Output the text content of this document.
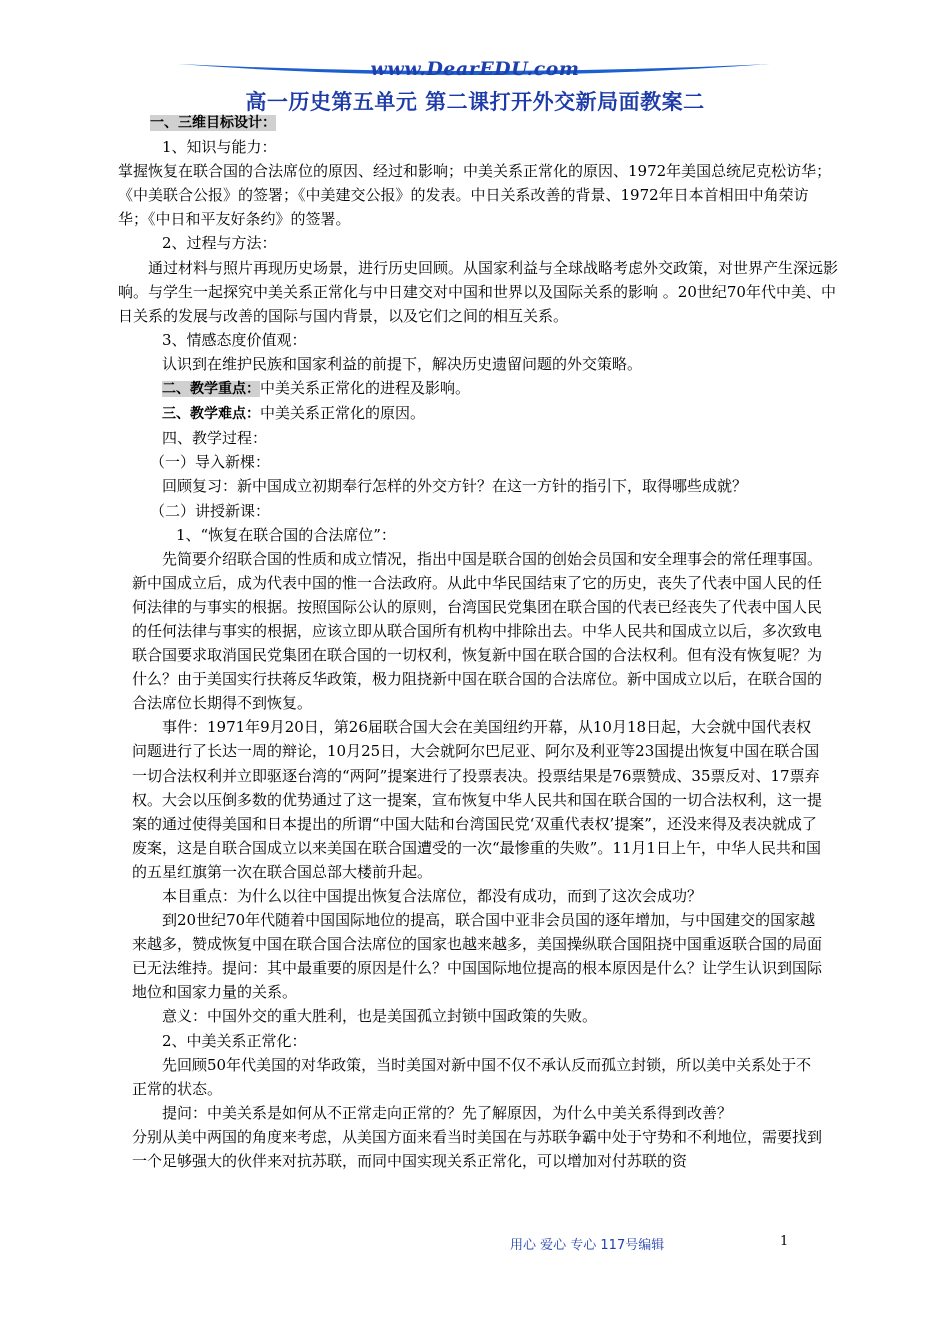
www.DearEDU.com
高一历史第五单元 第二课打开外交新局面教案二

一、三维目标设计：

1、知识与能力：

掌握恢复在联合国的合法席位的原因、经过和影响；中美关系正常化的原因、1972年美国总统尼克松访华；《中美联合公报》的签署；《中美建交公报》的发表。中日关系改善的背景、1972年日本首相田中角荣访华；《中日和平友好条约》的签署。

2、过程与方法：

通过材料与照片再现历史场景，进行历史回顾。从国家利益与全球战略考虑外交政策，对世界产生深远影响。与学生一起探究中美关系正常化与中日建交对中国和世界以及国际关系的影响 。20世纪70年代中美、中日关系的发展与改善的国际与国内背景，以及它们之间的相互关系。

3、情感态度价值观：

认识到在维护民族和国家利益的前提下，解决历史遗留问题的外交策略。

二、教学重点：中美关系正常化的进程及影响。

三、教学难点：中美关系正常化的原因。

四、教学过程：

（一）导入新棵：

回顾复习：新中国成立初期奉行怎样的外交方针？在这一方针的指引下，取得哪些成就？

（二）讲授新课：

1、“恢复在联合国的合法席位”：

先简要介绍联合国的性质和成立情况，指出中国是联合国的创始会员国和安全理事会的常任理事国。新中国成立后，成为代表中国的惟一合法政府。从此中华民国结束了它的历史，丧失了代表中国人民的任何法律的与事实的根据。按照国际公认的原则，台湾国民党集团在联合国的代表已经丧失了代表中国人民的任何法律与事实的根据，应该立即从联合国所有机构中排除出去。中华人民共和国成立以后，多次致电联合国要求取消国民党集团在联合国的一切权利，恢复新中国在联合国的合法权利。但有没有恢复呢？为什么？由于美国实行扶蒋反华政策，极力阻挠新中国在联合国的合法席位。新中国成立以后，在联合国的合法席位长期得不到恢复。

事件：1971年9月20日，第26届联合国大会在美国纽约开幕，从10月18日起，大会就中国代表权问题进行了长达一周的辩论，10月25日，大会就阿尔巴尼亚、阿尔及利亚等23国提出恢复中国在联合国一切合法权利并立即驱逐台湾的“两阿”提案进行了投票表决。投票结果是76票赞成、35票反对、17票弃权。大会以压倒多数的优势通过了这一提案，宣布恢复中华人民共和国在联合国的一切合法权利，这一提案的通过使得美国和日本提出的所谓“中国大陆和台湾国民党‘双重代表权’提案”，还没来得及表决就成了废案，这是自联合国成立以来美国在联合国遭受的一次“最惨重的失败”。11月1日上午，中华人民共和国的五星红旗第一次在联合国总部大楼前升起。

本目重点：为什么以往中国提出恢复合法席位，都没有成功，而到了这次会成功？

到20世纪70年代随着中国国际地位的提高，联合国中亚非会员国的逐年增加，与中国建交的国家越来越多，赞成恢复中国在联合国合法席位的国家也越来越多，美国操纵联合国阻挠中国重返联合国的局面已无法维持。提问：其中最重要的原因是什么？中国国际地位提高的根本原因是什么？让学生认识到国际地位和国家力量的关系。

意义：中国外交的重大胜利，也是美国孤立封锁中国政策的失败。

2、中美关系正常化：

先回顾50年代美国的对华政策，当时美国对新中国不仅不承认反而孤立封锁，所以美中关系处于不正常的状态。

提问：中美关系是如何从不正常走向正常的？先了解原因，为什么中美关系得到改善？

分别从美中两国的角度来考虑，从美国方面来看当时美国在与苏联争霸中处于守势和不利地位，需要找到一个足够强大的伙伴来对抗苏联，而同中国实现关系正常化，可以增加对付苏联的资

用心 爱心 专心 117号编辑	1
